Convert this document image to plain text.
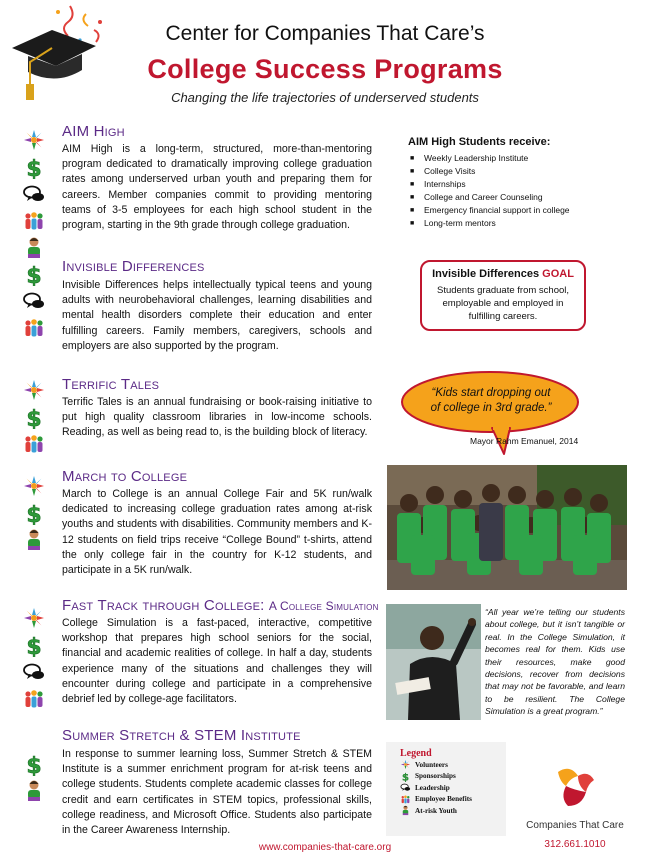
Center for Companies That Care’s
College Success Programs
Changing the life trajectories of underserved students
AIM High
AIM High is a long-term, structured, more-than-mentoring program dedicated to dramatically improving college graduation rates among underserved urban youth and preparing them for careers. Member companies commit to providing mentoring teams of 3-5 employees for each high school student in the program, starting in the 9th grade through college graduation.
AIM High Students receive:
■ Weekly Leadership Institute
■ College Visits
■ Internships
■ College and Career Counseling
■ Emergency financial support in college
■ Long-term mentors
Invisible Differences
Invisible Differences helps intellectually typical teens and young adults with neurobehavioral challenges, learning disabilities and mental health disorders complete their education and enter fulfilling careers. Family members, caregivers, schools and employers are also supported by the program.
Invisible Differences GOAL
Students graduate from school, employable and employed in fulfilling careers.
Terrific Tales
Terrific Tales is an annual fundraising or book-raising initiative to put high quality classroom libraries in low-income schools. Reading, as well as being read to, is the building block of literacy.
“Kids start dropping out of college in 3rd grade.”
Mayor Rahm Emanuel, 2014
March to College
March to College is an annual College Fair and 5K run/walk dedicated to increasing college graduation rates among at-risk youths and students with disabilities. Community members and K-12 students on field trips receive “College Bound” t-shirts, attend the only college fair in the country for K-12 students, and participate in a 5K run/walk.
Fast Track through College: A College Simulation
College Simulation is a fast-paced, interactive, competitive workshop that prepares high school seniors for the social, financial and academic realities of college. In half a day, students experience many of the situations and challenges they will encounter during college and participate in a comprehensive debrief led by college-age facilitators.
“All year we’re telling our students about college, but it isn’t tangible or real. In the College Simulation, it becomes real for them. Kids use their resources, make good decisions, recover from decisions that may not be favorable, and learn to be resilient. The College Simulation is a great program.”
Summer Stretch & STEM Institute
In response to summer learning loss, Summer Stretch & STEM Institute is a summer enrichment program for at-risk teens and college students. Students complete academic classes for college credit and earn certificates in STEM topics, professional skills, college readiness, and Microsoft Office. Students also participate in the Career Awareness Internship.
Legend
Volunteers
Sponsorships
Leadership
Employee Benefits
At-risk Youth
Companies That Care
312.661.1010
www.companies-that-care.org
